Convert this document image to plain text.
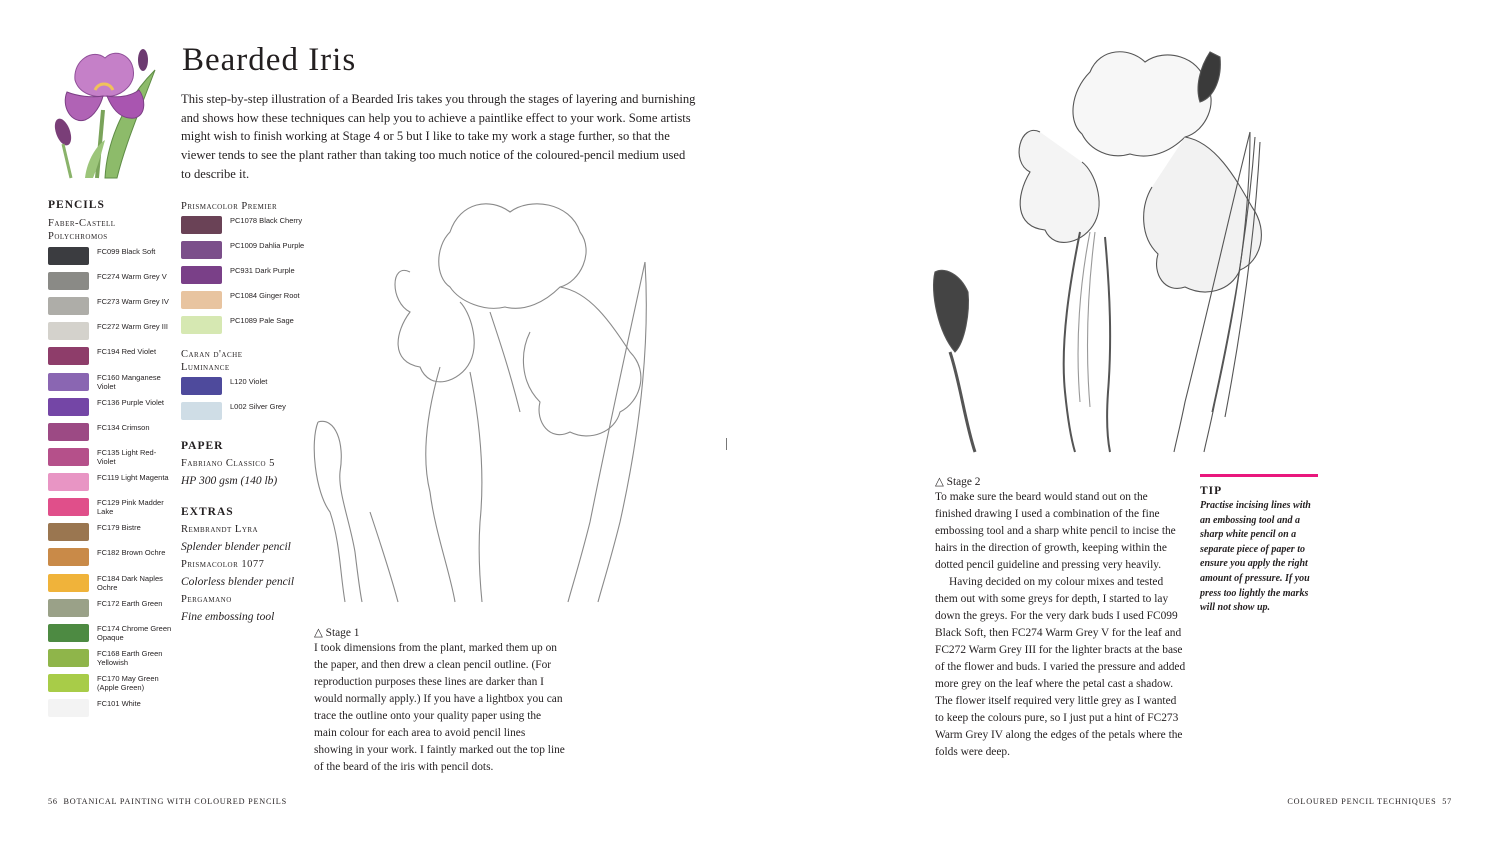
Bearded Iris
This step-by-step illustration of a Bearded Iris takes you through the stages of layering and burnishing and shows how these techniques can help you to achieve a paintlike effect to your work. Some artists might wish to finish working at Stage 4 or 5 but I like to take my work a stage further, so that the viewer tends to see the plant rather than taking too much notice of the coloured-pencil medium used to describe it.
PENCILS
Faber-Castell Polychromos
FC099 Black Soft
FC274 Warm Grey V
FC273 Warm Grey IV
FC272 Warm Grey III
FC194 Red Violet
FC160 Manganese Violet
FC136 Purple Violet
FC134 Crimson
FC135 Light Red-Violet
FC119 Light Magenta
FC129 Pink Madder Lake
FC179 Bistre
FC182 Brown Ochre
FC184 Dark Naples Ochre
FC172 Earth Green
FC174 Chrome Green Opaque
FC168 Earth Green Yellowish
FC170 May Green (Apple Green)
FC101 White
Prismacolor Premier
PC1078 Black Cherry
PC1009 Dahlia Purple
PC931 Dark Purple
PC1084 Ginger Root
PC1089 Pale Sage
Caran d'ache Luminance
L120 Violet
L002 Silver Grey
PAPER
Fabriano Classico 5
HP 300 gsm (140 lb)
EXTRAS
Rembrandt Lyra
Splender blender pencil
Prismacolor 1077
Colorless blender pencil
Pergamano
Fine embossing tool
△ Stage 1
I took dimensions from the plant, marked them up on the paper, and then drew a clean pencil outline. (For reproduction purposes these lines are darker than I would normally apply.) If you have a lightbox you can trace the outline onto your quality paper using the main colour for each area to avoid pencil lines showing in your work. I faintly marked out the top line of the beard of the iris with pencil dots.
△ Stage 2
To make sure the beard would stand out on the finished drawing I used a combination of the fine embossing tool and a sharp white pencil to incise the hairs in the direction of growth, keeping within the dotted pencil guideline and pressing very heavily.
Having decided on my colour mixes and tested them out with some greys for depth, I started to lay down the greys. For the very dark buds I used FC099 Black Soft, then FC274 Warm Grey V for the leaf and FC272 Warm Grey III for the lighter bracts at the base of the flower and buds. I varied the pressure and added more grey on the leaf where the petal cast a shadow. The flower itself required very little grey as I wanted to keep the colours pure, so I just put a hint of FC273 Warm Grey IV along the edges of the petals where the folds were deep.
TIP
Practise incising lines with an embossing tool and a sharp white pencil on a separate piece of paper to ensure you apply the right amount of pressure. If you press too lightly the marks will not show up.
56 BOTANICAL PAINTING WITH COLOURED PENCILS	COLOURED PENCIL TECHNIQUES 57
